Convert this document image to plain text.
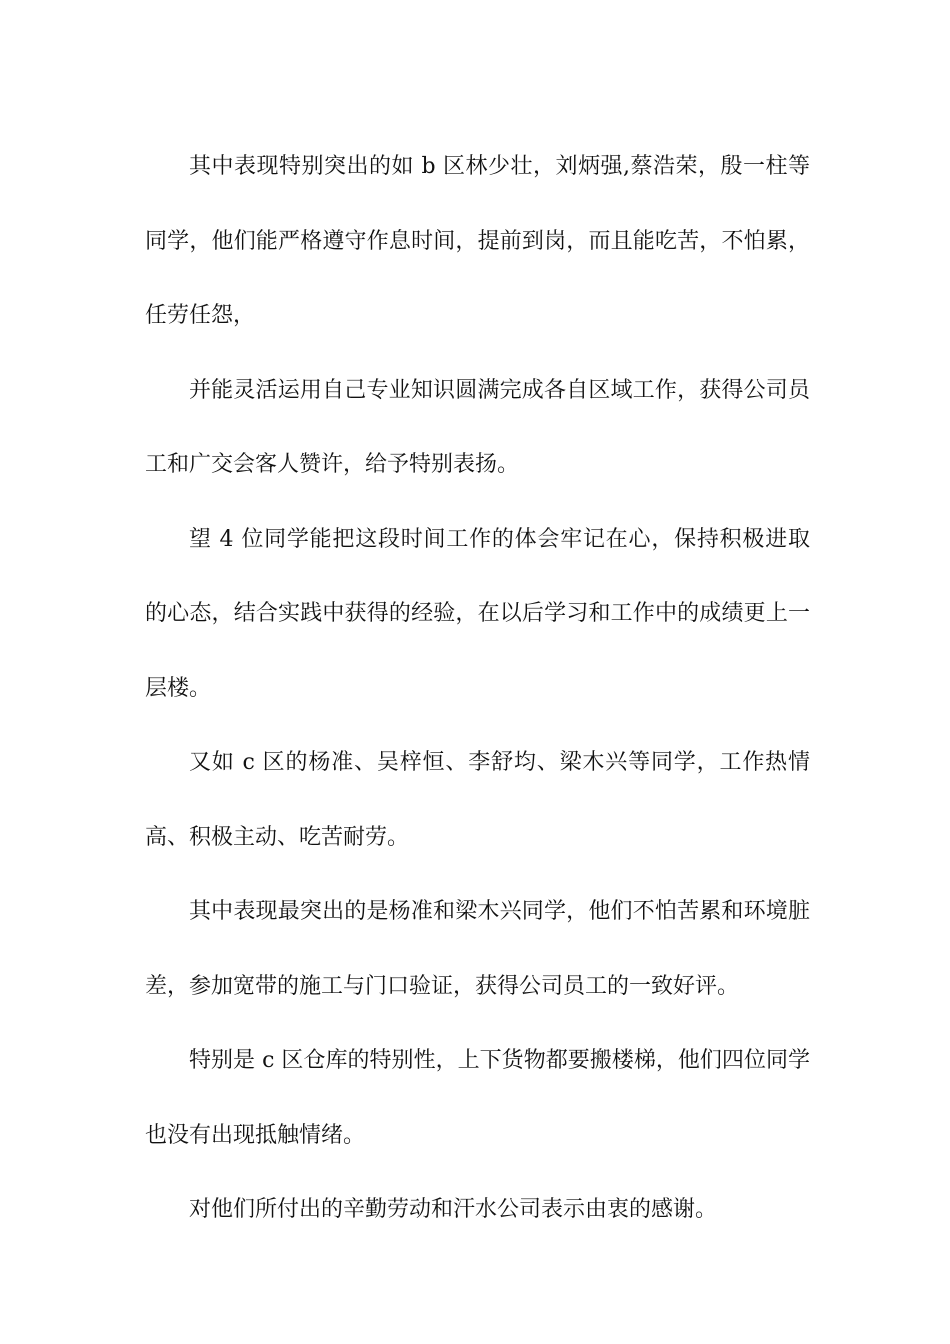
其中表现特别突出的如 b 区林少壮，刘炳强,蔡浩荣，殷一柱等同学，他们能严格遵守作息时间，提前到岗，而且能吃苦，不怕累，任劳任怨，

并能灵活运用自己专业知识圆满完成各自区域工作，获得公司员工和广交会客人赞许，给予特别表扬。

望 4 位同学能把这段时间工作的体会牢记在心，保持积极进取的心态，结合实践中获得的经验，在以后学习和工作中的成绩更上一层楼。

又如 c 区的杨准、吴梓恒、李舒均、梁木兴等同学，工作热情高、积极主动、吃苦耐劳。

其中表现最突出的是杨准和梁木兴同学，他们不怕苦累和环境脏差，参加宽带的施工与门口验证，获得公司员工的一致好评。

特别是 c 区仓库的特别性，上下货物都要搬楼梯，他们四位同学也没有出现抵触情绪。

对他们所付出的辛勤劳动和汗水公司表示由衷的感谢。
